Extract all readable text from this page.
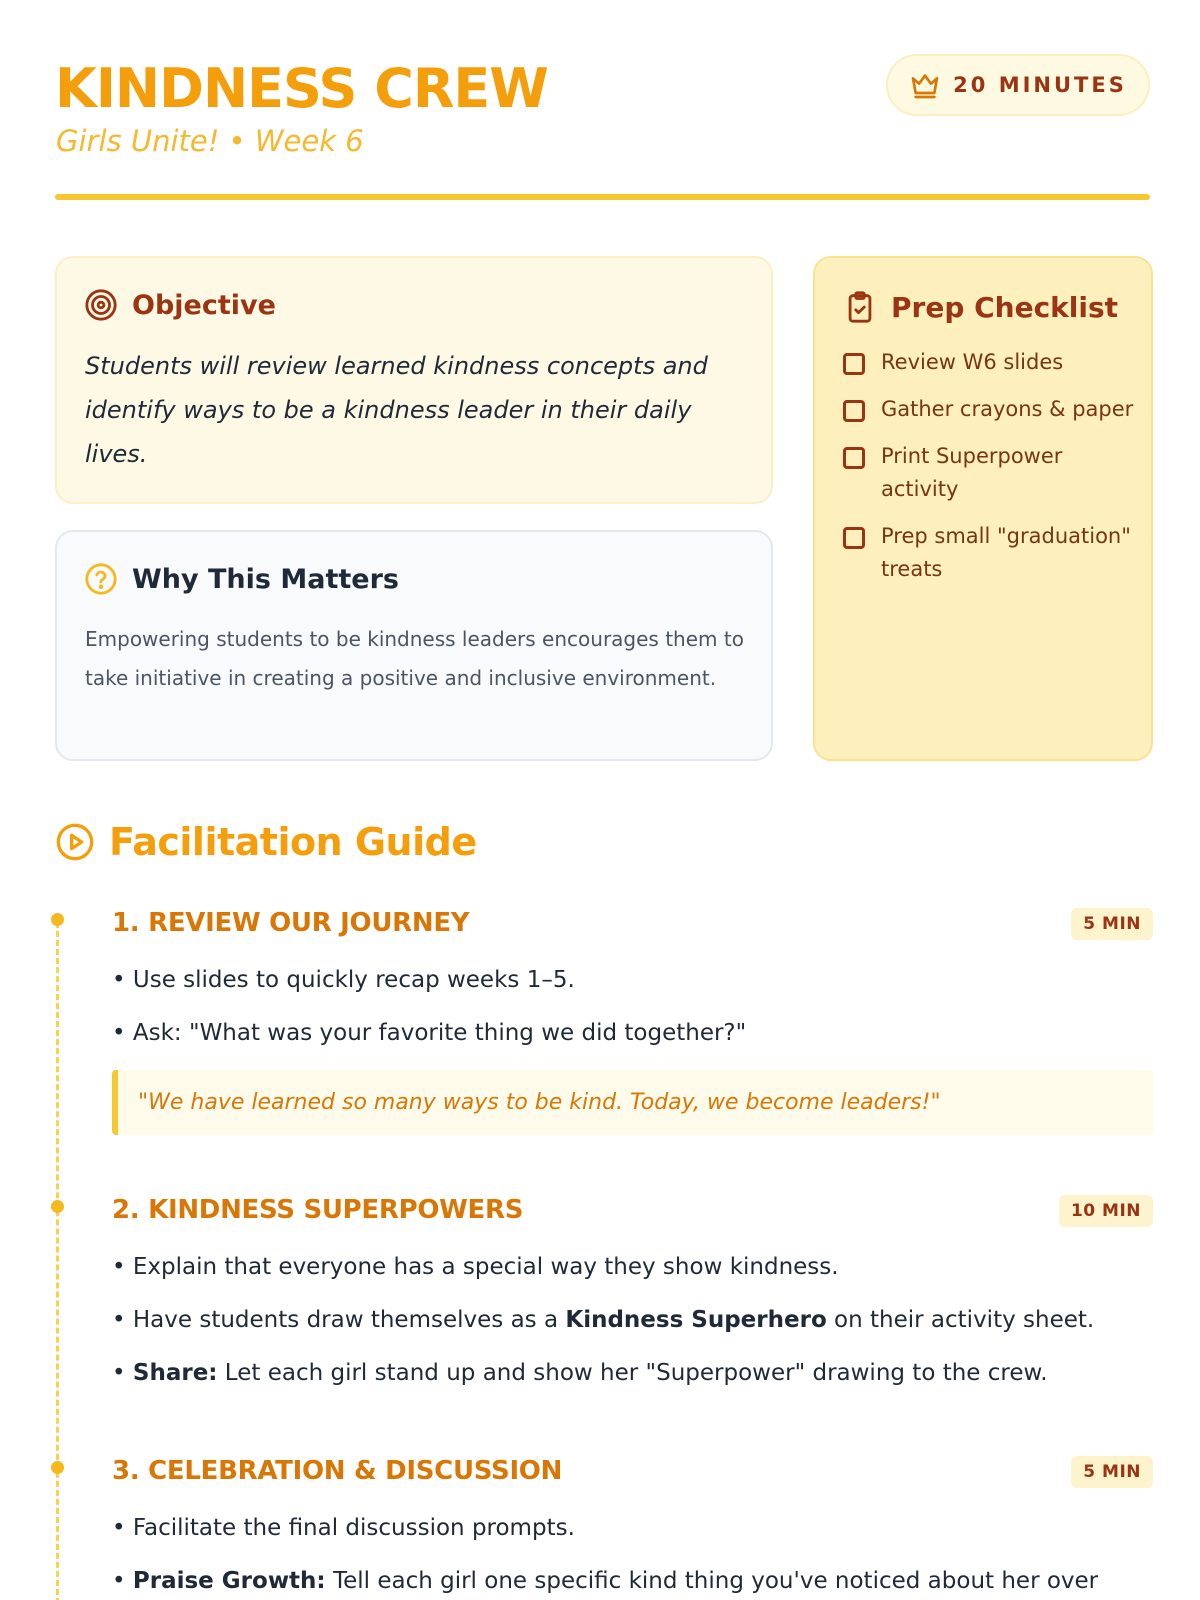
KINDNESS CREW
Girls Unite! • Week 6
20 MINUTES
Objective
Students will review learned kindness concepts and identify ways to be a kindness leader in their daily lives.
Why This Matters
Empowering students to be kindness leaders encourages them to take initiative in creating a positive and inclusive environment.
Prep Checklist
Review W6 slides
Gather crayons & paper
Print Superpower activity
Prep small "graduation" treats
Facilitation Guide
1. REVIEW OUR JOURNEY	5 MIN
• Use slides to quickly recap weeks 1–5.
• Ask: "What was your favorite thing we did together?"
"We have learned so many ways to be kind. Today, we become leaders!"
2. KINDNESS SUPERPOWERS	10 MIN
• Explain that everyone has a special way they show kindness.
• Have students draw themselves as a Kindness Superhero on their activity sheet.
• Share: Let each girl stand up and show her "Superpower" drawing to the crew.
3. CELEBRATION & DISCUSSION	5 MIN
• Facilitate the final discussion prompts.
• Praise Growth: Tell each girl one specific kind thing you've noticed about her over
